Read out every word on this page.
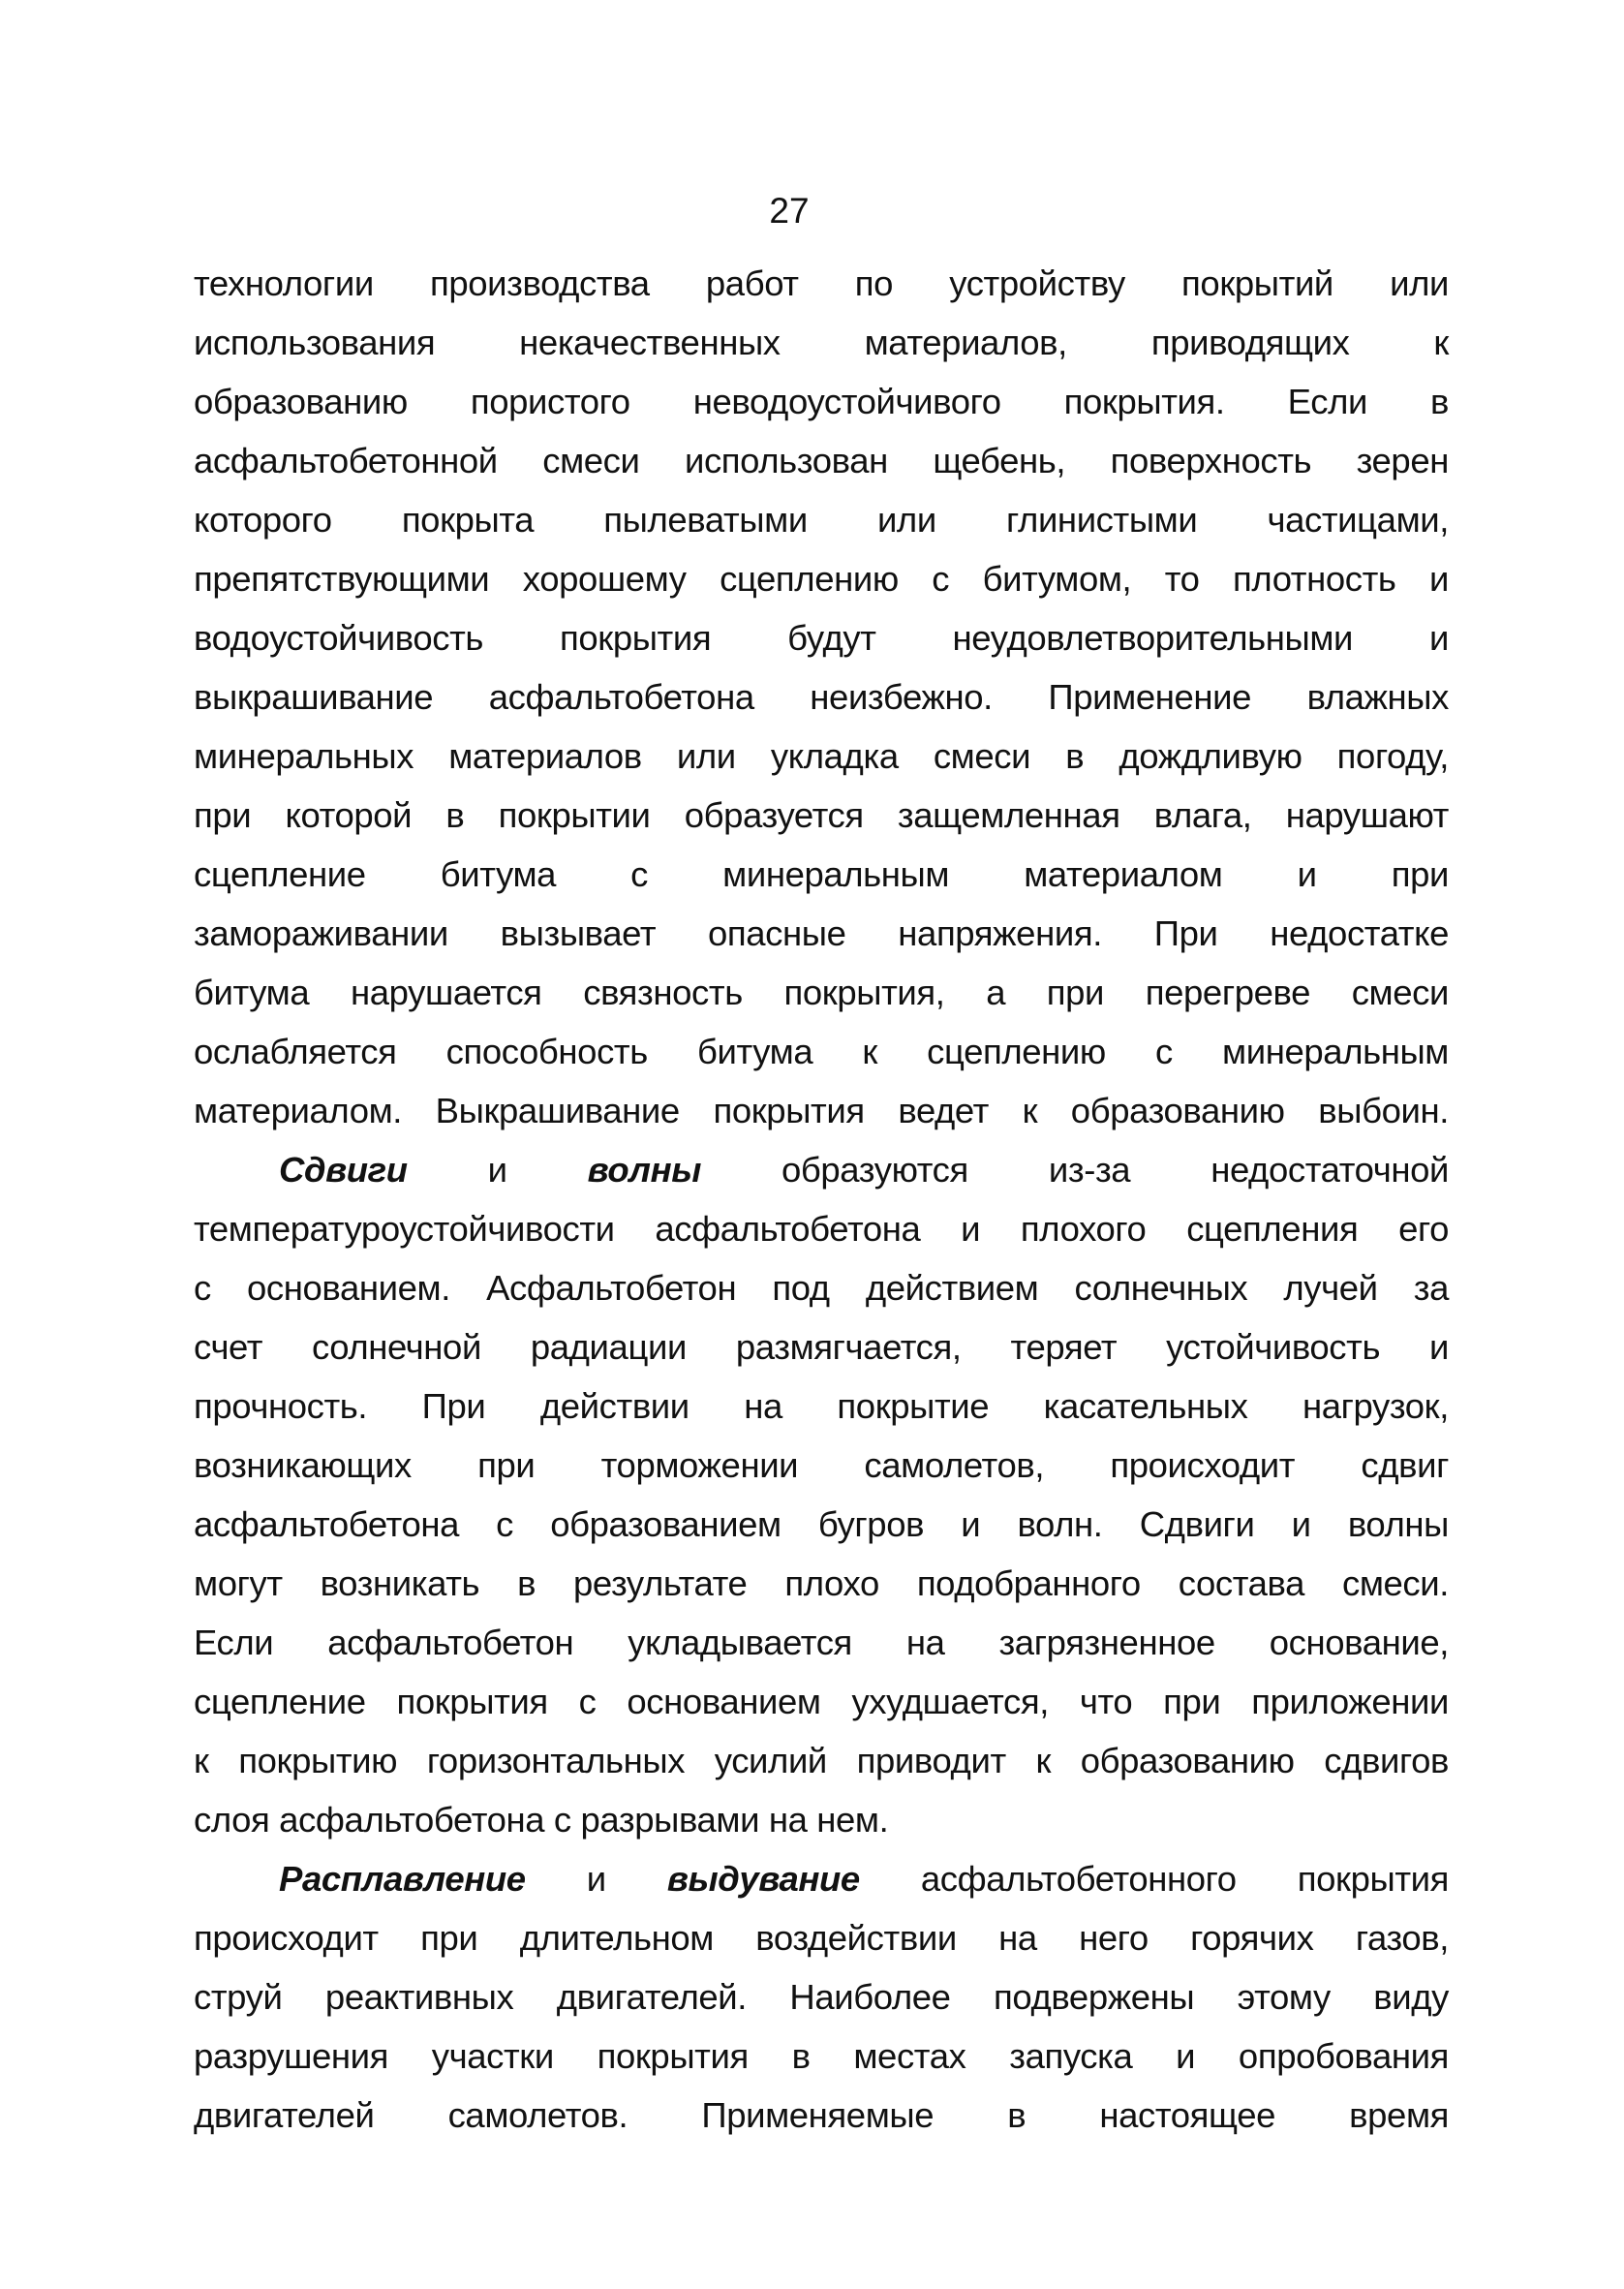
27
технологии производства работ по устройству покрытий или
использования некачественных материалов, приводящих к
образованию пористого неводоустойчивого покрытия. Если в
асфальтобетонной смеси использован щебень, поверхность зерен
которого покрыта пылеватыми или глинистыми частицами,
препятствующими хорошему сцеплению с битумом, то плотность и
водоустойчивость покрытия будут неудовлетворительными и
выкрашивание асфальтобетона неизбежно. Применение влажных
минеральных материалов или укладка смеси в дождливую погоду,
при которой в покрытии образуется защемленная влага, нарушают
сцепление битума с минеральным материалом и при
замораживании вызывает опасные напряжения. При недостатке
битума нарушается связность покрытия, а при перегреве смеси
ослабляется способность битума к сцеплению с минеральным
материалом. Выкрашивание покрытия ведет к образованию выбоин.
Сдвиги и волны образуются из-за недостаточной
температуроустойчивости асфальтобетона и плохого сцепления его
с основанием. Асфальтобетон под действием солнечных лучей за
счет солнечной радиации размягчается, теряет устойчивость и
прочность. При действии на покрытие касательных нагрузок,
возникающих при торможении самолетов, происходит сдвиг
асфальтобетона с образованием бугров и волн. Сдвиги и волны
могут возникать в результате плохо подобранного состава смеси.
Если асфальтобетон укладывается на загрязненное основание,
сцепление покрытия с основанием ухудшается, что при приложении
к покрытию горизонтальных усилий приводит к образованию сдвигов
слоя асфальтобетона с разрывами на нем.
Расплавление и выдувание асфальтобетонного покрытия
происходит при длительном воздействии на него горячих газов,
струй реактивных двигателей. Наиболее подвержены этому виду
разрушения участки покрытия в местах запуска и опробования
двигателей самолетов. Применяемые в настоящее время
